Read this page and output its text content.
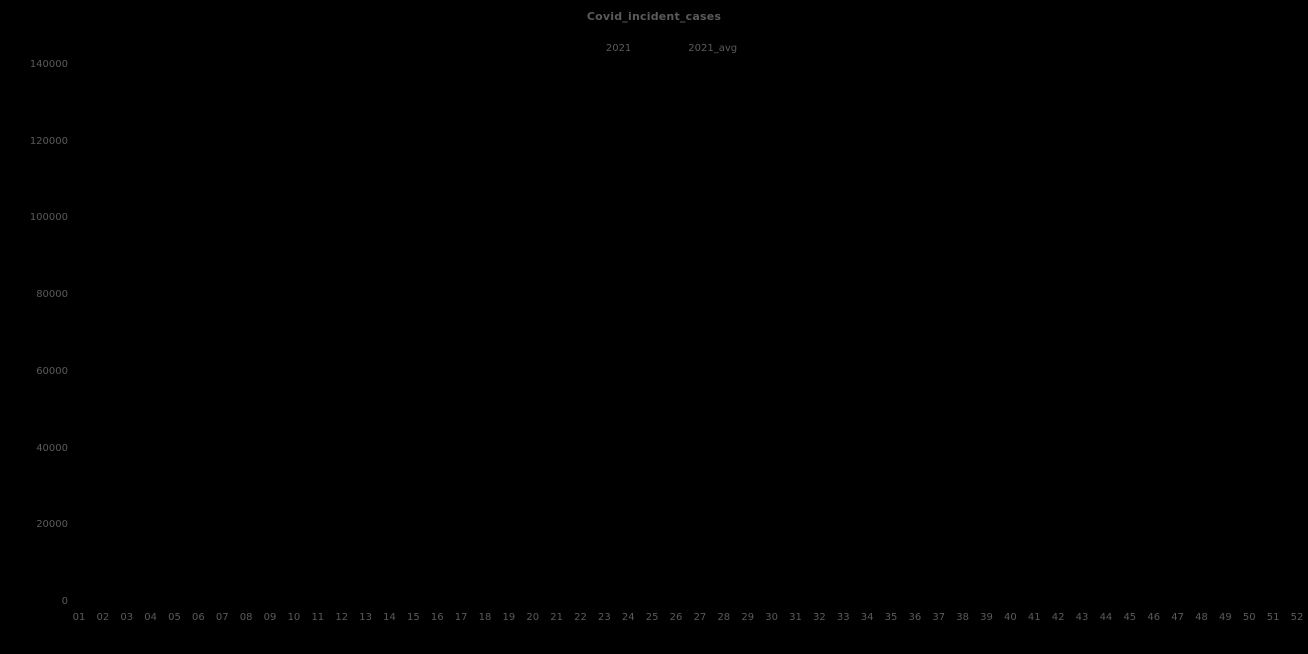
Covid_incident_cases
2021	2021_avg
0
20000
40000
60000
80000
100000
120000
140000
01	02	03	04	05	06	07	08	09	10	11	12	13	14	15	16	17	18	19	20	21	22	23	24	25	26	27	28	29	30	31	32	33	34	35	36	37	38	39	40	41	42	43	44	45	46	47	48	49	50	51	52
